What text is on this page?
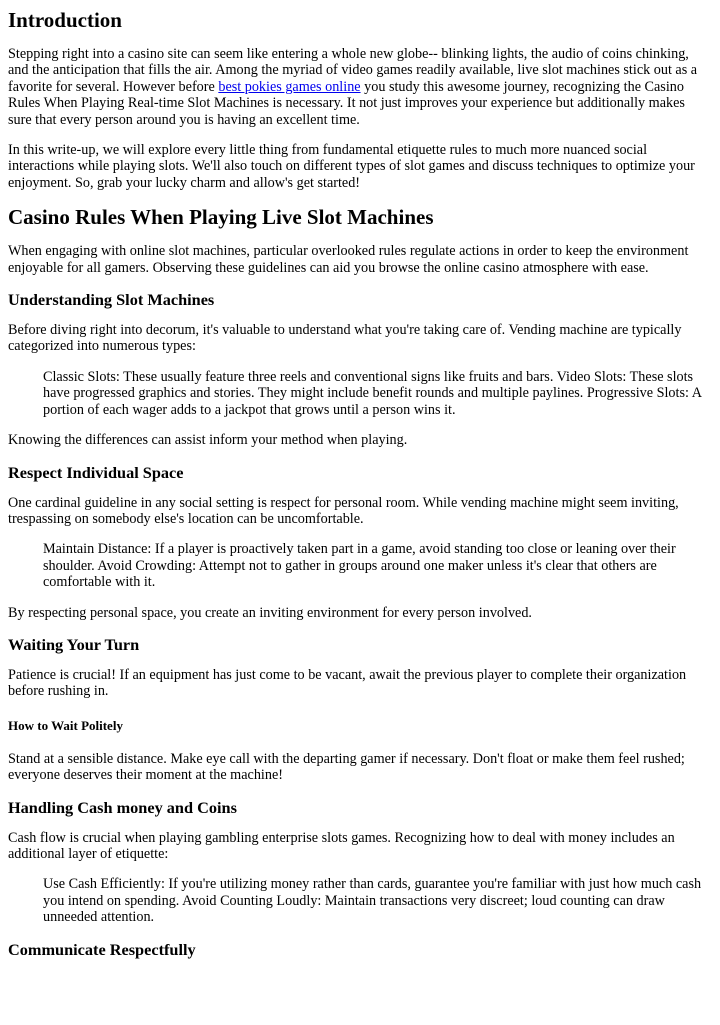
Introduction

Stepping right into a casino site can seem like entering a whole new globe-- blinking lights, the audio of coins chinking, and the anticipation that fills the air. Among the myriad of video games readily available, live slot machines stick out as a favorite for several. However before best pokies games online you study this awesome journey, recognizing the Casino Rules When Playing Real-time Slot Machines is necessary. It not just improves your experience but additionally makes sure that every person around you is having an excellent time.

In this write-up, we will explore every little thing from fundamental etiquette rules to much more nuanced social interactions while playing slots. We'll also touch on different types of slot games and discuss techniques to optimize your enjoyment. So, grab your lucky charm and allow's get started!

Casino Rules When Playing Live Slot Machines

When engaging with online slot machines, particular overlooked rules regulate actions in order to keep the environment enjoyable for all gamers. Observing these guidelines can aid you browse the online casino atmosphere with ease.

Understanding Slot Machines

Before diving right into decorum, it's valuable to understand what you're taking care of. Vending machine are typically categorized into numerous types:

Classic Slots: These usually feature three reels and conventional signs like fruits and bars. Video Slots: These slots have progressed graphics and stories. They might include benefit rounds and multiple paylines. Progressive Slots: A portion of each wager adds to a jackpot that grows until a person wins it.

Knowing the differences can assist inform your method when playing.

Respect Individual Space

One cardinal guideline in any social setting is respect for personal room. While vending machine might seem inviting, trespassing on somebody else's location can be uncomfortable.

Maintain Distance: If a player is proactively taken part in a game, avoid standing too close or leaning over their shoulder. Avoid Crowding: Attempt not to gather in groups around one maker unless it's clear that others are comfortable with it.

By respecting personal space, you create an inviting environment for every person involved.

Waiting Your Turn

Patience is crucial! If an equipment has just come to be vacant, await the previous player to complete their organization before rushing in.

How to Wait Politely

Stand at a sensible distance. Make eye call with the departing gamer if necessary. Don't float or make them feel rushed; everyone deserves their moment at the machine!

Handling Cash money and Coins

Cash flow is crucial when playing gambling enterprise slots games. Recognizing how to deal with money includes an additional layer of etiquette:

Use Cash Efficiently: If you're utilizing money rather than cards, guarantee you're familiar with just how much cash you intend on spending. Avoid Counting Loudly: Maintain transactions very discreet; loud counting can draw unneeded attention.
Communicate Respectfully
